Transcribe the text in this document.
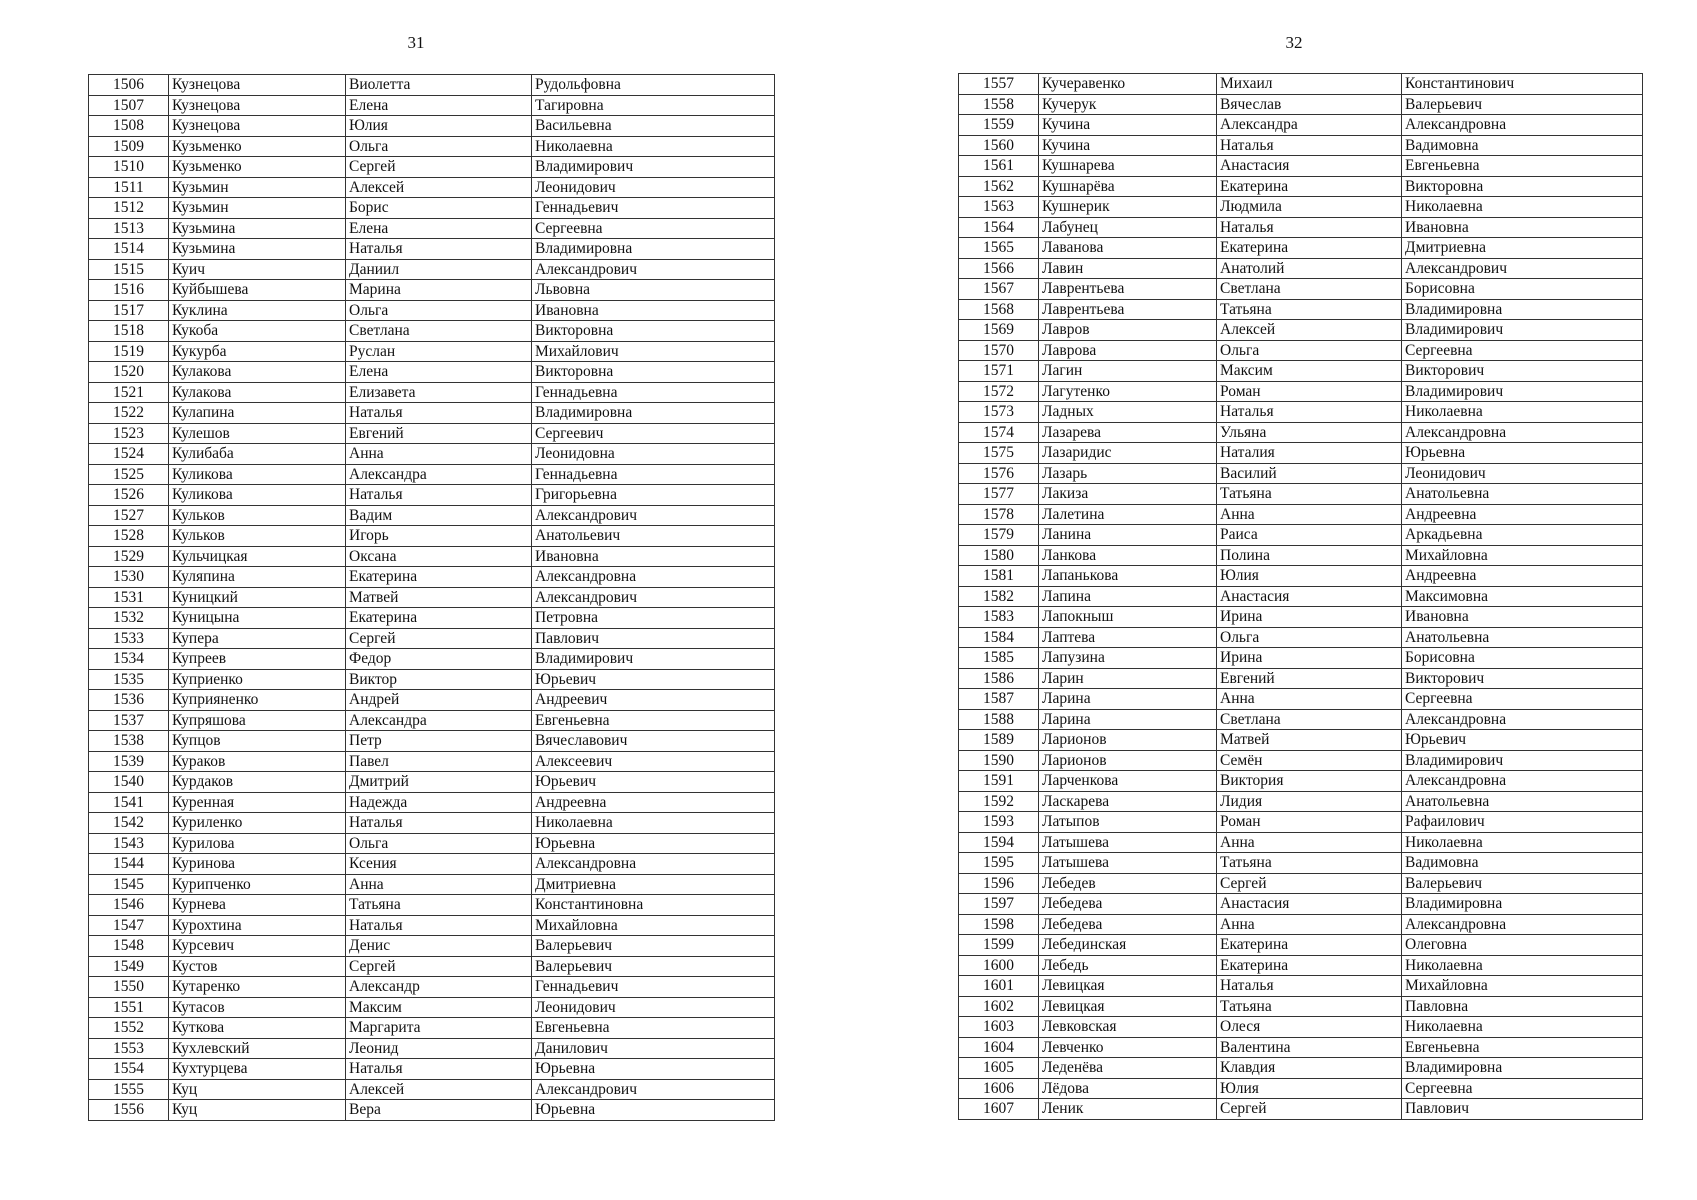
31	32
1506	Кузнецова	Виолетта	Рудольфовна
1507	Кузнецова	Елена	Тагировна
1508	Кузнецова	Юлия	Васильевна
1509	Кузьменко	Ольга	Николаевна
1510	Кузьменко	Сергей	Владимирович
1511	Кузьмин	Алексей	Леонидович
1512	Кузьмин	Борис	Геннадьевич
1513	Кузьмина	Елена	Сергеевна
1514	Кузьмина	Наталья	Владимировна
1515	Куич	Даниил	Александрович
1516	Куйбышева	Марина	Львовна
1517	Куклина	Ольга	Ивановна
1518	Кукоба	Светлана	Викторовна
1519	Кукурба	Руслан	Михайлович
1520	Кулакова	Елена	Викторовна
1521	Кулакова	Елизавета	Геннадьевна
1522	Кулапина	Наталья	Владимировна
1523	Кулешов	Евгений	Сергеевич
1524	Кулибаба	Анна	Леонидовна
1525	Куликова	Александра	Геннадьевна
1526	Куликова	Наталья	Григорьевна
1527	Кульков	Вадим	Александрович
1528	Кульков	Игорь	Анатольевич
1529	Кульчицкая	Оксана	Ивановна
1530	Куляпина	Екатерина	Александровна
1531	Куницкий	Матвей	Александрович
1532	Куницына	Екатерина	Петровна
1533	Купера	Сергей	Павлович
1534	Купреев	Федор	Владимирович
1535	Куприенко	Виктор	Юрьевич
1536	Куприяненко	Андрей	Андреевич
1537	Купряшова	Александра	Евгеньевна
1538	Купцов	Петр	Вячеславович
1539	Кураков	Павел	Алексеевич
1540	Курдаков	Дмитрий	Юрьевич
1541	Куренная	Надежда	Андреевна
1542	Куриленко	Наталья	Николаевна
1543	Курилова	Ольга	Юрьевна
1544	Куринова	Ксения	Александровна
1545	Курипченко	Анна	Дмитриевна
1546	Курнева	Татьяна	Константиновна
1547	Курохтина	Наталья	Михайловна
1548	Курсевич	Денис	Валерьевич
1549	Кустов	Сергей	Валерьевич
1550	Кутаренко	Александр	Геннадьевич
1551	Кутасов	Максим	Леонидович
1552	Куткова	Маргарита	Евгеньевна
1553	Кухлевский	Леонид	Данилович
1554	Кухтурцева	Наталья	Юрьевна
1555	Куц	Алексей	Александрович
1556	Куц	Вера	Юрьевна
1557	Кучеравенко	Михаил	Константинович
1558	Кучерук	Вячеслав	Валерьевич
1559	Кучина	Александра	Александровна
1560	Кучина	Наталья	Вадимовна
1561	Кушнарева	Анастасия	Евгеньевна
1562	Кушнарёва	Екатерина	Викторовна
1563	Кушнерик	Людмила	Николаевна
1564	Лабунец	Наталья	Ивановна
1565	Лаванова	Екатерина	Дмитриевна
1566	Лавин	Анатолий	Александрович
1567	Лаврентьева	Светлана	Борисовна
1568	Лаврентьева	Татьяна	Владимировна
1569	Лавров	Алексей	Владимирович
1570	Лаврова	Ольга	Сергеевна
1571	Лагин	Максим	Викторович
1572	Лагутенко	Роман	Владимирович
1573	Ладных	Наталья	Николаевна
1574	Лазарева	Ульяна	Александровна
1575	Лазаридис	Наталия	Юрьевна
1576	Лазарь	Василий	Леонидович
1577	Лакиза	Татьяна	Анатольевна
1578	Лалетина	Анна	Андреевна
1579	Ланина	Раиса	Аркадьевна
1580	Ланкова	Полина	Михайловна
1581	Лапанькова	Юлия	Андреевна
1582	Лапина	Анастасия	Максимовна
1583	Лапокныш	Ирина	Ивановна
1584	Лаптева	Ольга	Анатольевна
1585	Лапузина	Ирина	Борисовна
1586	Ларин	Евгений	Викторович
1587	Ларина	Анна	Сергеевна
1588	Ларина	Светлана	Александровна
1589	Ларионов	Матвей	Юрьевич
1590	Ларионов	Семён	Владимирович
1591	Ларченкова	Виктория	Александровна
1592	Ласкарева	Лидия	Анатольевна
1593	Латыпов	Роман	Рафаилович
1594	Латышева	Анна	Николаевна
1595	Латышева	Татьяна	Вадимовна
1596	Лебедев	Сергей	Валерьевич
1597	Лебедева	Анастасия	Владимировна
1598	Лебедева	Анна	Александровна
1599	Лебединская	Екатерина	Олеговна
1600	Лебедь	Екатерина	Николаевна
1601	Левицкая	Наталья	Михайловна
1602	Левицкая	Татьяна	Павловна
1603	Левковская	Олеся	Николаевна
1604	Левченко	Валентина	Евгеньевна
1605	Леденёва	Клавдия	Владимировна
1606	Лёдова	Юлия	Сергеевна
1607	Леник	Сергей	Павлович
